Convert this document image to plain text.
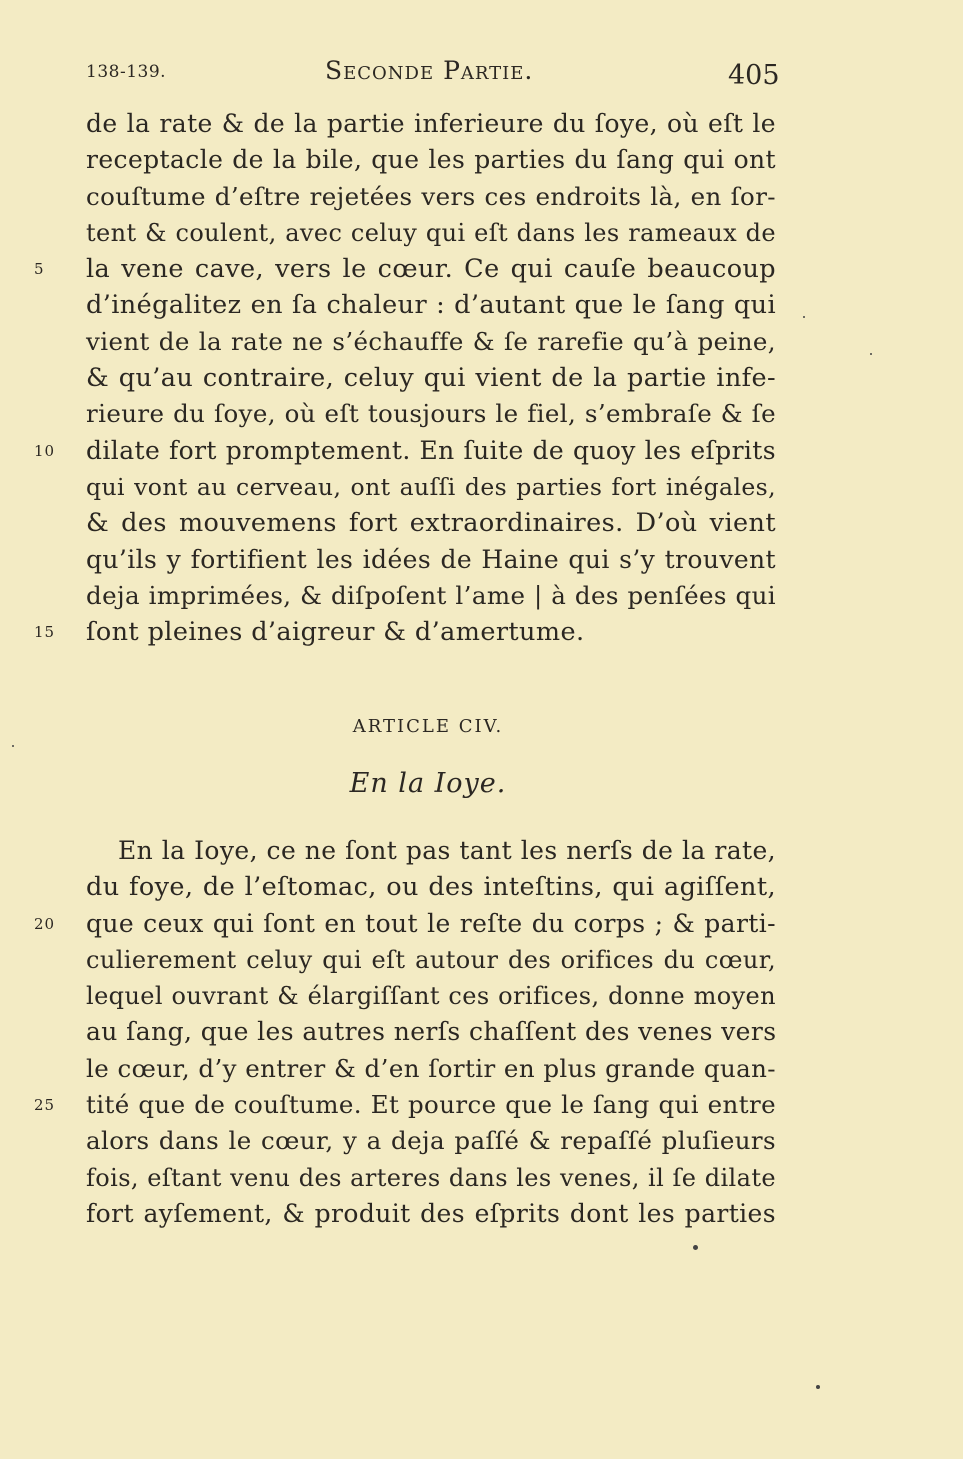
138-139.	Seconde Partie.	405
de la rate & de la partie inferieure du ſoye, où eſt le
receptacle de la bile, que les parties du ſang qui ont
couſtume d’eſtre rejetées vers ces endroits là, en ſor-
tent & coulent, avec celuy qui eſt dans les rameaux de
5	la vene cave, vers le cœur. Ce qui cauſe beaucoup
d’inégalitez en ſa chaleur : d’autant que le ſang qui
vient de la rate ne s’échauffe & ſe rarefie qu’à peine,
& qu’au contraire, celuy qui vient de la partie infe-
rieure du ſoye, où eſt tousjours le fiel, s’embraſe & ſe
10	dilate fort promptement. En ſuite de quoy les eſprits
qui vont au cerveau, ont auſſi des parties fort inégales,
& des mouvemens fort extraordinaires. D’où vient
qu’ils y fortifient les idées de Haine qui s’y trouvent
deja imprimées, & diſpoſent l’ame | à des penſées qui
15	ſont pleines d’aigreur & d’amertume.
ARTICLE CIV.
En la Ioye.
En la Ioye, ce ne ſont pas tant les nerſs de la rate,
du foye, de l’eſtomac, ou des inteſtins, qui agiſſent,
20	que ceux qui ſont en tout le reſte du corps ; & parti-
culierement celuy qui eſt autour des orifices du cœur,
lequel ouvrant & élargiſſant ces orifices, donne moyen
au ſang, que les autres nerſs chaſſent des venes vers
le cœur, d’y entrer & d’en ſortir en plus grande quan-
25	tité que de couſtume. Et pource que le ſang qui entre
alors dans le cœur, y a deja paſſé & repaſſé pluſieurs
fois, eſtant venu des arteres dans les venes, il ſe dilate
fort ayſement, & produit des eſprits dont les parties
